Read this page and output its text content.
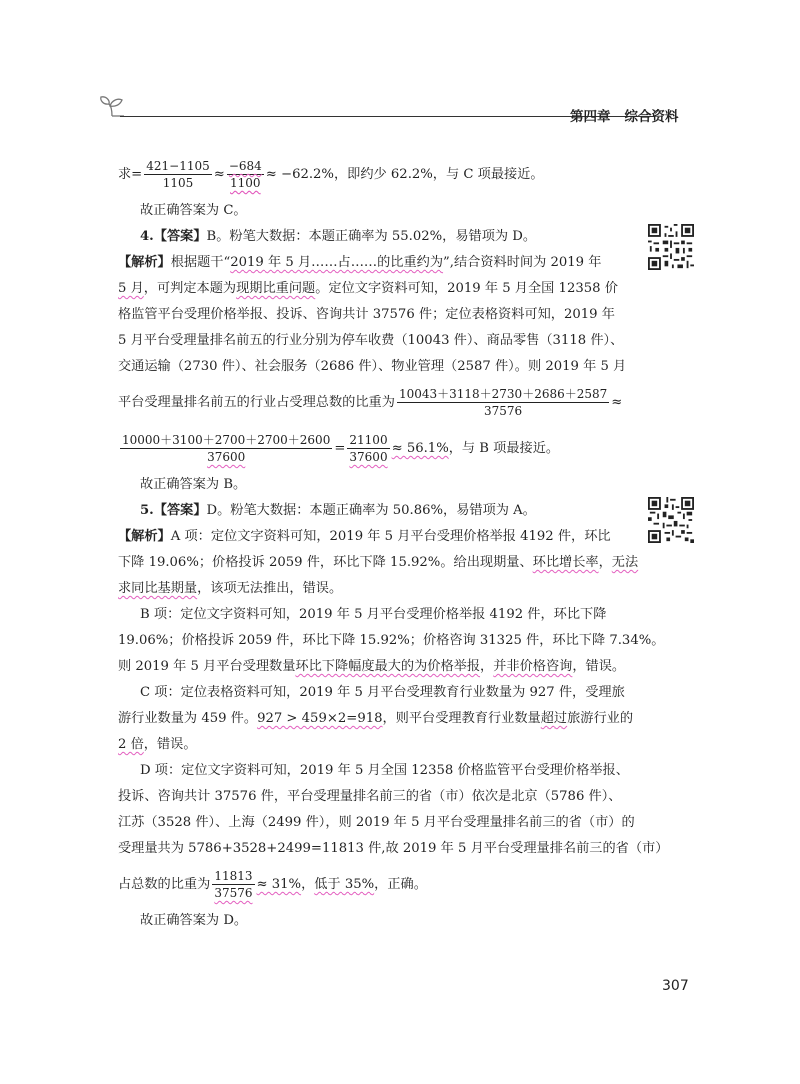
第四章 综合资料
求= $\frac{421-1105}{1105} \approx \frac{-684}{1100} \approx -62.2\%$，即约少 62.2%，与 C 项最接近。
故正确答案为 C。
4.【答案】B。粉笔大数据：本题正确率为 55.02%，易错项为 D。
【解析】根据题干“2019 年 5 月……占……的比重约为”,结合资料时间为 2019 年
5 月，可判定本题为现期比重问题。定位文字资料可知，2019 年 5 月全国 12358 价
格监管平台受理价格举报、投诉、咨询共计 37576 件；定位表格资料可知，2019 年
5 月平台受理量排名前五的行业分别为停车收费（10043 件）、商品零售（3118 件）、
交通运输（2730 件）、社会服务（2686 件）、物业管理（2587 件）。则 2019 年 5 月
平台受理量排名前五的行业占受理总数的比重为 $\frac{10043+3118+2730+2686+2587}{37576}$ ≈
$\frac{10000+3100+2700+2700+2600}{37600} = \frac{21100}{37600} \approx 56.1\%$，与 B 项最接近。
故正确答案为 B。
5.【答案】D。粉笔大数据：本题正确率为 50.86%，易错项为 A。
【解析】A 项：定位文字资料可知，2019 年 5 月平台受理价格举报 4192 件，环比
下降 19.06%；价格投诉 2059 件，环比下降 15.92%。给出现期量、环比增长率，无法
求同比基期量，该项无法推出，错误。
B 项：定位文字资料可知，2019 年 5 月平台受理价格举报 4192 件，环比下降
19.06%；价格投诉 2059 件，环比下降 15.92%；价格咨询 31325 件，环比下降 7.34%。
则 2019 年 5 月平台受理数量环比下降幅度最大的为价格举报，并非价格咨询，错误。
C 项：定位表格资料可知，2019 年 5 月平台受理教育行业数量为 927 件，受理旅
游行业数量为 459 件。927 > 459×2=918，则平台受理教育行业数量超过旅游行业的
2 倍，错误。
D 项：定位文字资料可知，2019 年 5 月全国 12358 价格监管平台受理价格举报、
投诉、咨询共计 37576 件，平台受理量排名前三的省（市）依次是北京（5786 件）、
江苏（3528 件）、上海（2499 件），则 2019 年 5 月平台受理量排名前三的省（市）的
受理量共为 5786+3528+2499=11813 件,故 2019 年 5 月平台受理量排名前三的省（市）
占总数的比重为 $\frac{11813}{37576} \approx 31\%$，低于 35%，正确。
故正确答案为 D。
307
